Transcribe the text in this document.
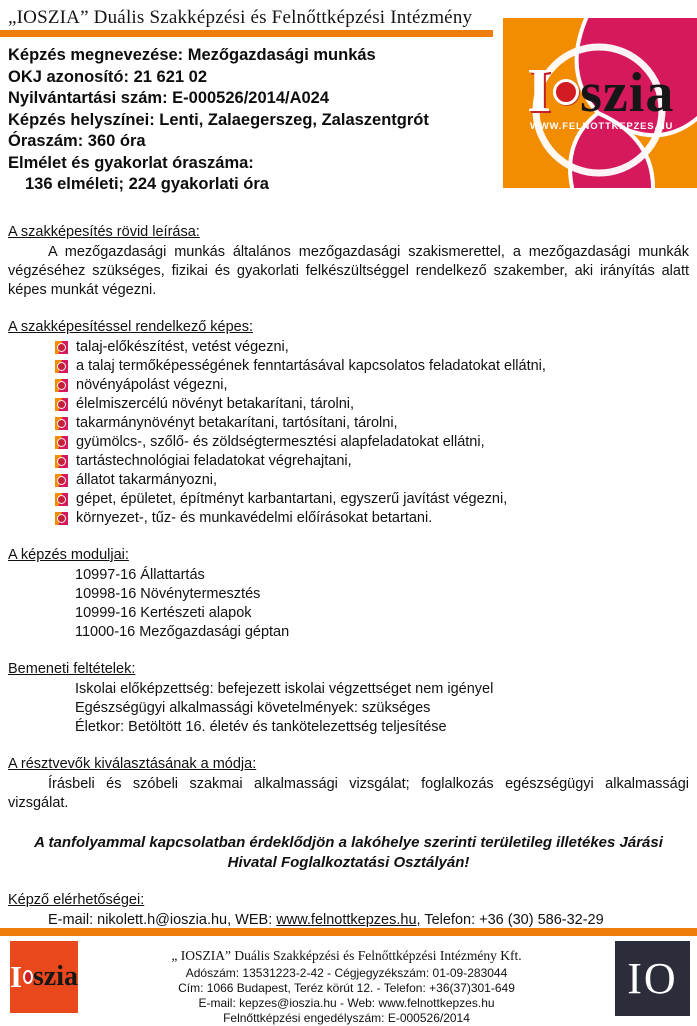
„IOSZIA” Duális Szakképzési és Felnőttképzési Intézmény
Képzés megnevezése: Mezőgazdasági munkás
OKJ azonosító: 21 621 02
Nyilvántartási szám: E-000526/2014/A024
Képzés helyszínei: Lenti, Zalaegerszeg, Zalaszentgrót
Óraszám: 360 óra
Elmélet és gyakorlat óraszáma:
136 elméleti; 224 gyakorlati óra
I szia
WWW.FELNOTTKEPZES.HU
A szakképesítés rövid leírása:

A mezőgazdasági munkás általános mezőgazdasági szakismerettel, a mezőgazdasági munkák végzéséhez szükséges, fizikai és gyakorlati felkészültséggel rendelkező szakember, aki irányítás alatt képes munkát végezni.

A szakképesítéssel rendelkező képes:
talaj-előkészítést, vetést végezni,
a talaj termőképességének fenntartásával kapcsolatos feladatokat ellátni,
növényápolást végezni,
élelmiszercélú növényt betakarítani, tárolni,
takarmánynövényt betakarítani, tartósítani, tárolni,
gyümölcs-, szőlő- és zöldségtermesztési alapfeladatokat ellátni,
tartástechnológiai feladatokat végrehajtani,
állatot takarmányozni,
gépet, épületet, építményt karbantartani, egyszerű javítást végezni,
környezet-, tűz- és munkavédelmi előírásokat betartani.
A képzés moduljai:
10997-16 Állattartás
10998-16 Növénytermesztés
10999-16 Kertészeti alapok
11000-16 Mezőgazdasági géptan
Bemeneti feltételek:
Iskolai előképzettség: befejezett iskolai végzettséget nem igényel
Egészségügyi alkalmassági követelmények: szükséges
Életkor: Betöltött 16. életév és tankötelezettség teljesítése
A résztvevők kiválasztásának a módja:

Írásbeli és szóbeli szakmai alkalmassági vizsgálat; foglalkozás egészségügyi alkalmassági vizsgálat.

A tanfolyammal kapcsolatban érdeklődjön a lakóhelye szerinti területileg illetékes Járási Hivatal Foglalkoztatási Osztályán!
Képző elérhetőségei:
E-mail: nikolett.h@ioszia.hu, WEB: www.felnottkepzes.hu, Telefon: +36 (30) 586-32-29
I szia
„ IOSZIA” Duális Szakképzési és Felnőttképzési Intézmény Kft.
Adószám: 13531223-2-42 - Cégjegyzékszám: 01-09-283044
Cím: 1066 Budapest, Teréz körút 12. - Telefon: +36(37)301-649
E-mail: kepzes@ioszia.hu - Web: www.felnottkepzes.hu
Felnőttképzési engedélyszám: E-000526/2014
IO
